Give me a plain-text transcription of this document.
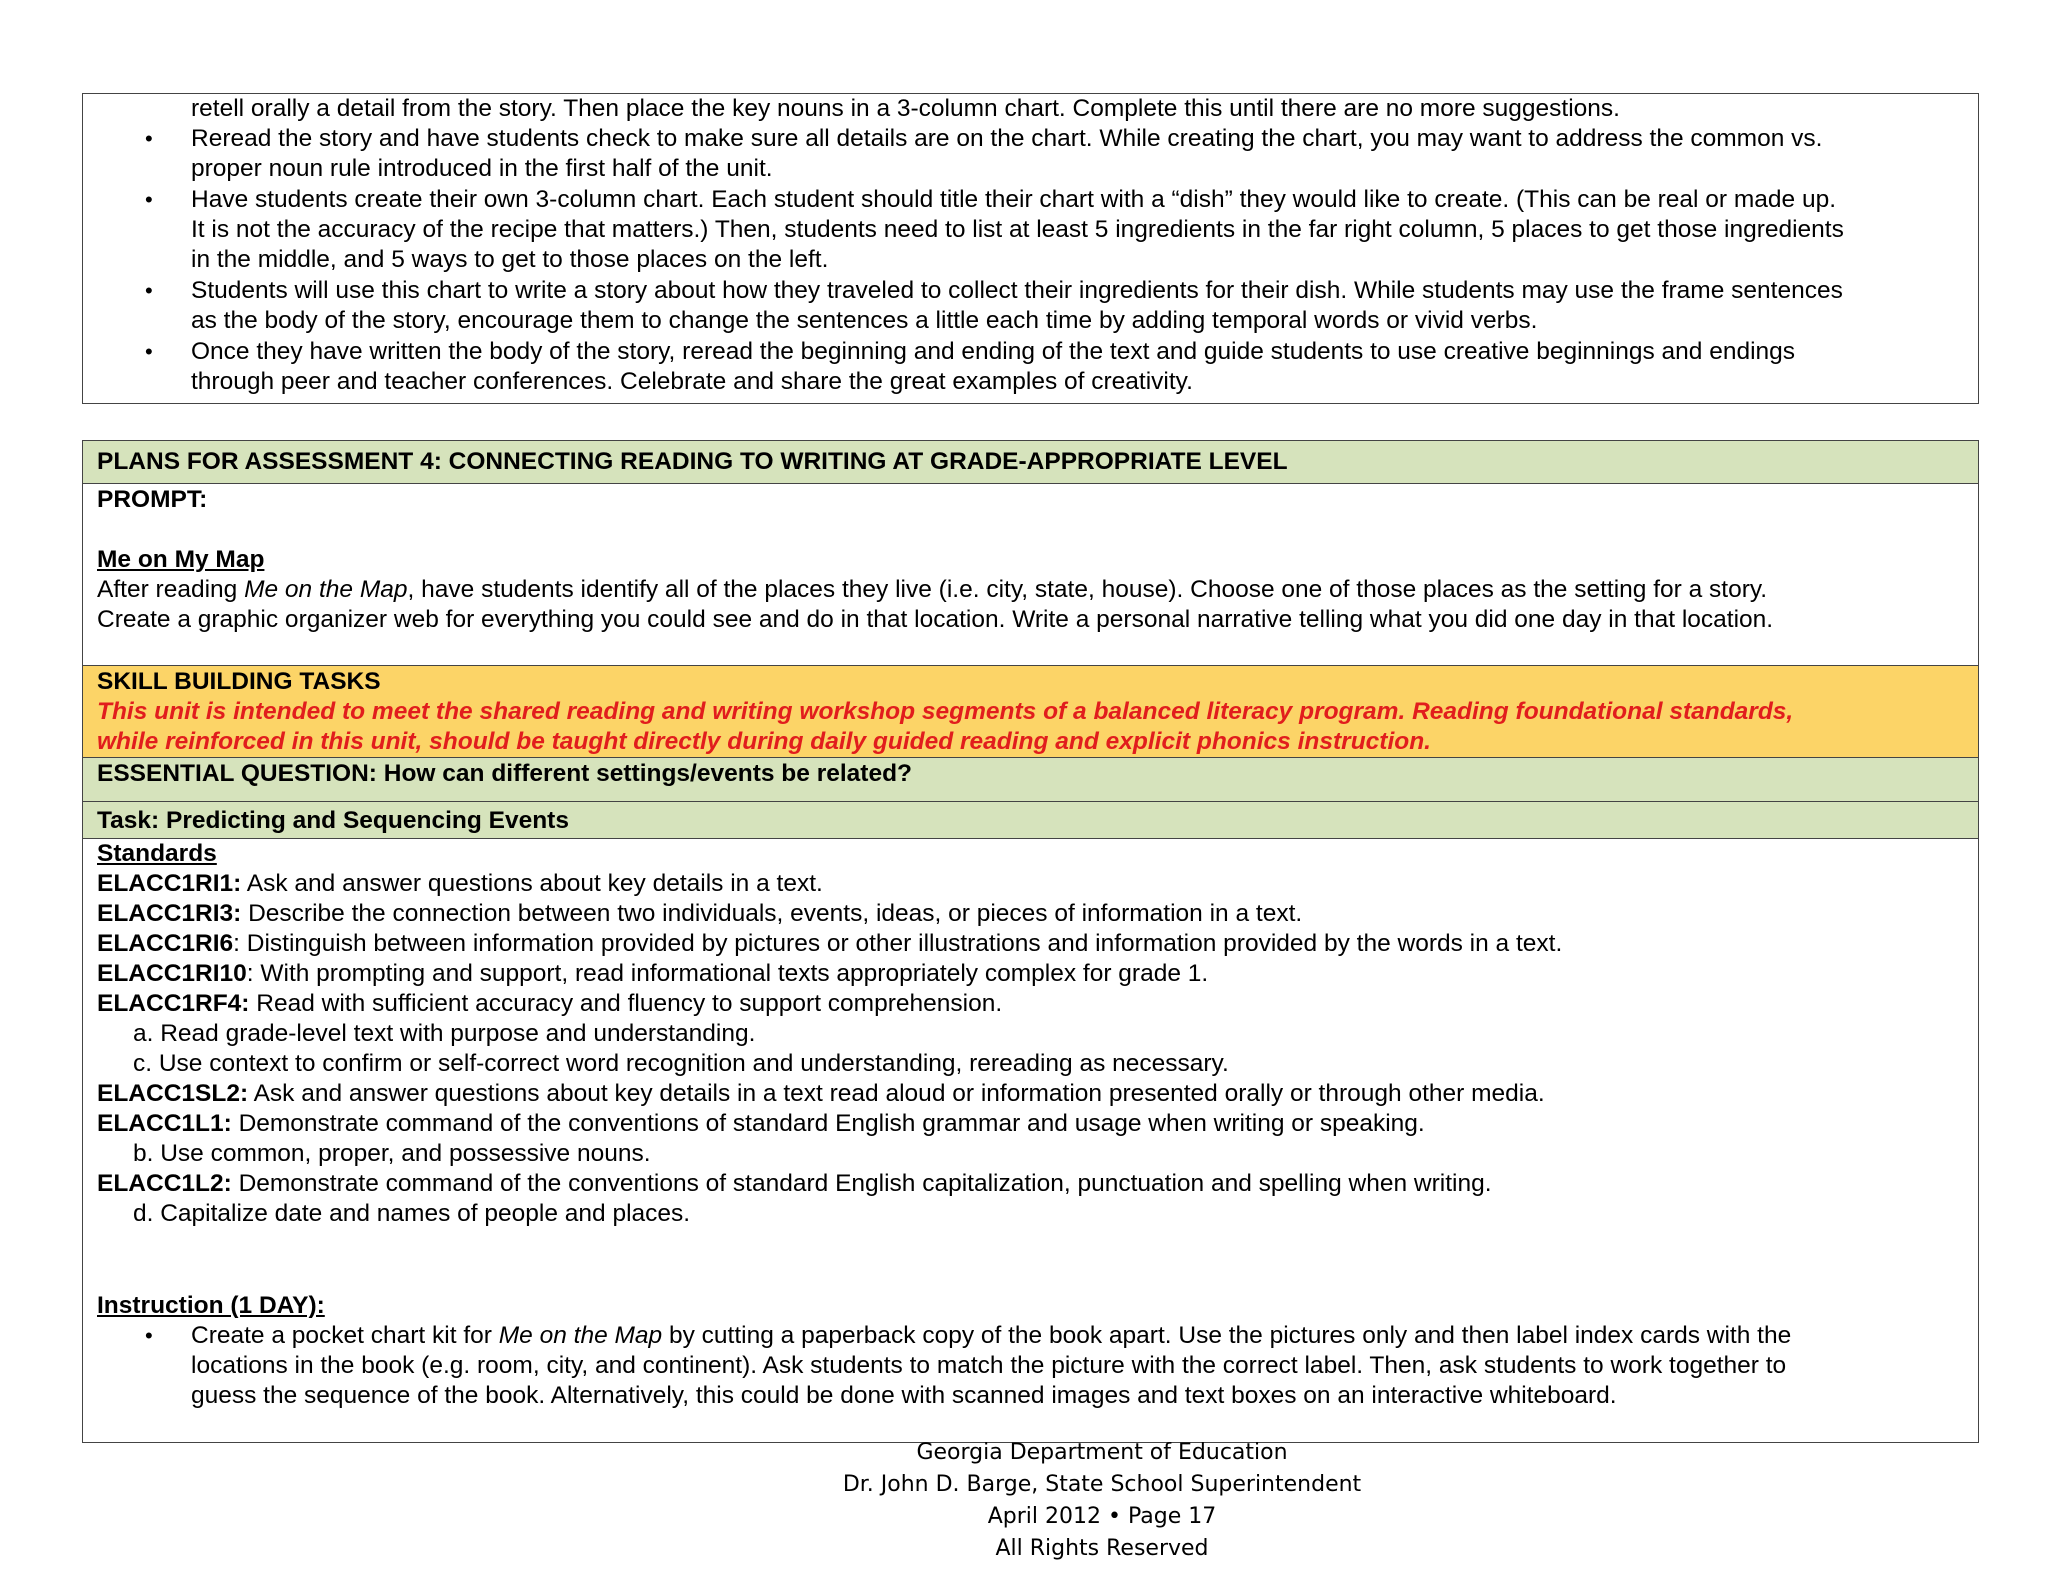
retell orally a detail from the story. Then place the key nouns in a 3-column chart. Complete this until there are no more suggestions.
• Reread the story and have students check to make sure all details are on the chart. While creating the chart, you may want to address the common vs.
proper noun rule introduced in the first half of the unit.
• Have students create their own 3-column chart. Each student should title their chart with a “dish” they would like to create. (This can be real or made up.
It is not the accuracy of the recipe that matters.) Then, students need to list at least 5 ingredients in the far right column, 5 places to get those ingredients
in the middle, and 5 ways to get to those places on the left.
• Students will use this chart to write a story about how they traveled to collect their ingredients for their dish. While students may use the frame sentences
as the body of the story, encourage them to change the sentences a little each time by adding temporal words or vivid verbs.
• Once they have written the body of the story, reread the beginning and ending of the text and guide students to use creative beginnings and endings
through peer and teacher conferences. Celebrate and share the great examples of creativity.
PLANS FOR ASSESSMENT 4: CONNECTING READING TO WRITING AT GRADE-APPROPRIATE LEVEL
PROMPT:
Me on My Map
After reading Me on the Map, have students identify all of the places they live (i.e. city, state, house). Choose one of those places as the setting for a story.
Create a graphic organizer web for everything you could see and do in that location. Write a personal narrative telling what you did one day in that location.
SKILL BUILDING TASKS
This unit is intended to meet the shared reading and writing workshop segments of a balanced literacy program. Reading foundational standards,
while reinforced in this unit, should be taught directly during daily guided reading and explicit phonics instruction.
ESSENTIAL QUESTION: How can different settings/events be related?
Task: Predicting and Sequencing Events
Standards
ELACC1RI1: Ask and answer questions about key details in a text.
ELACC1RI3: Describe the connection between two individuals, events, ideas, or pieces of information in a text.
ELACC1RI6: Distinguish between information provided by pictures or other illustrations and information provided by the words in a text.
ELACC1RI10: With prompting and support, read informational texts appropriately complex for grade 1.
ELACC1RF4: Read with sufficient accuracy and fluency to support comprehension.
a. Read grade-level text with purpose and understanding.
c. Use context to confirm or self-correct word recognition and understanding, rereading as necessary.
ELACC1SL2: Ask and answer questions about key details in a text read aloud or information presented orally or through other media.
ELACC1L1: Demonstrate command of the conventions of standard English grammar and usage when writing or speaking.
b. Use common, proper, and possessive nouns.
ELACC1L2: Demonstrate command of the conventions of standard English capitalization, punctuation and spelling when writing.
d. Capitalize date and names of people and places.
Instruction (1 DAY):
• Create a pocket chart kit for Me on the Map by cutting a paperback copy of the book apart. Use the pictures only and then label index cards with the
locations in the book (e.g. room, city, and continent). Ask students to match the picture with the correct label. Then, ask students to work together to
guess the sequence of the book. Alternatively, this could be done with scanned images and text boxes on an interactive whiteboard.
Georgia Department of Education
Dr. John D. Barge, State School Superintendent
April 2012 • Page 17
All Rights Reserved
